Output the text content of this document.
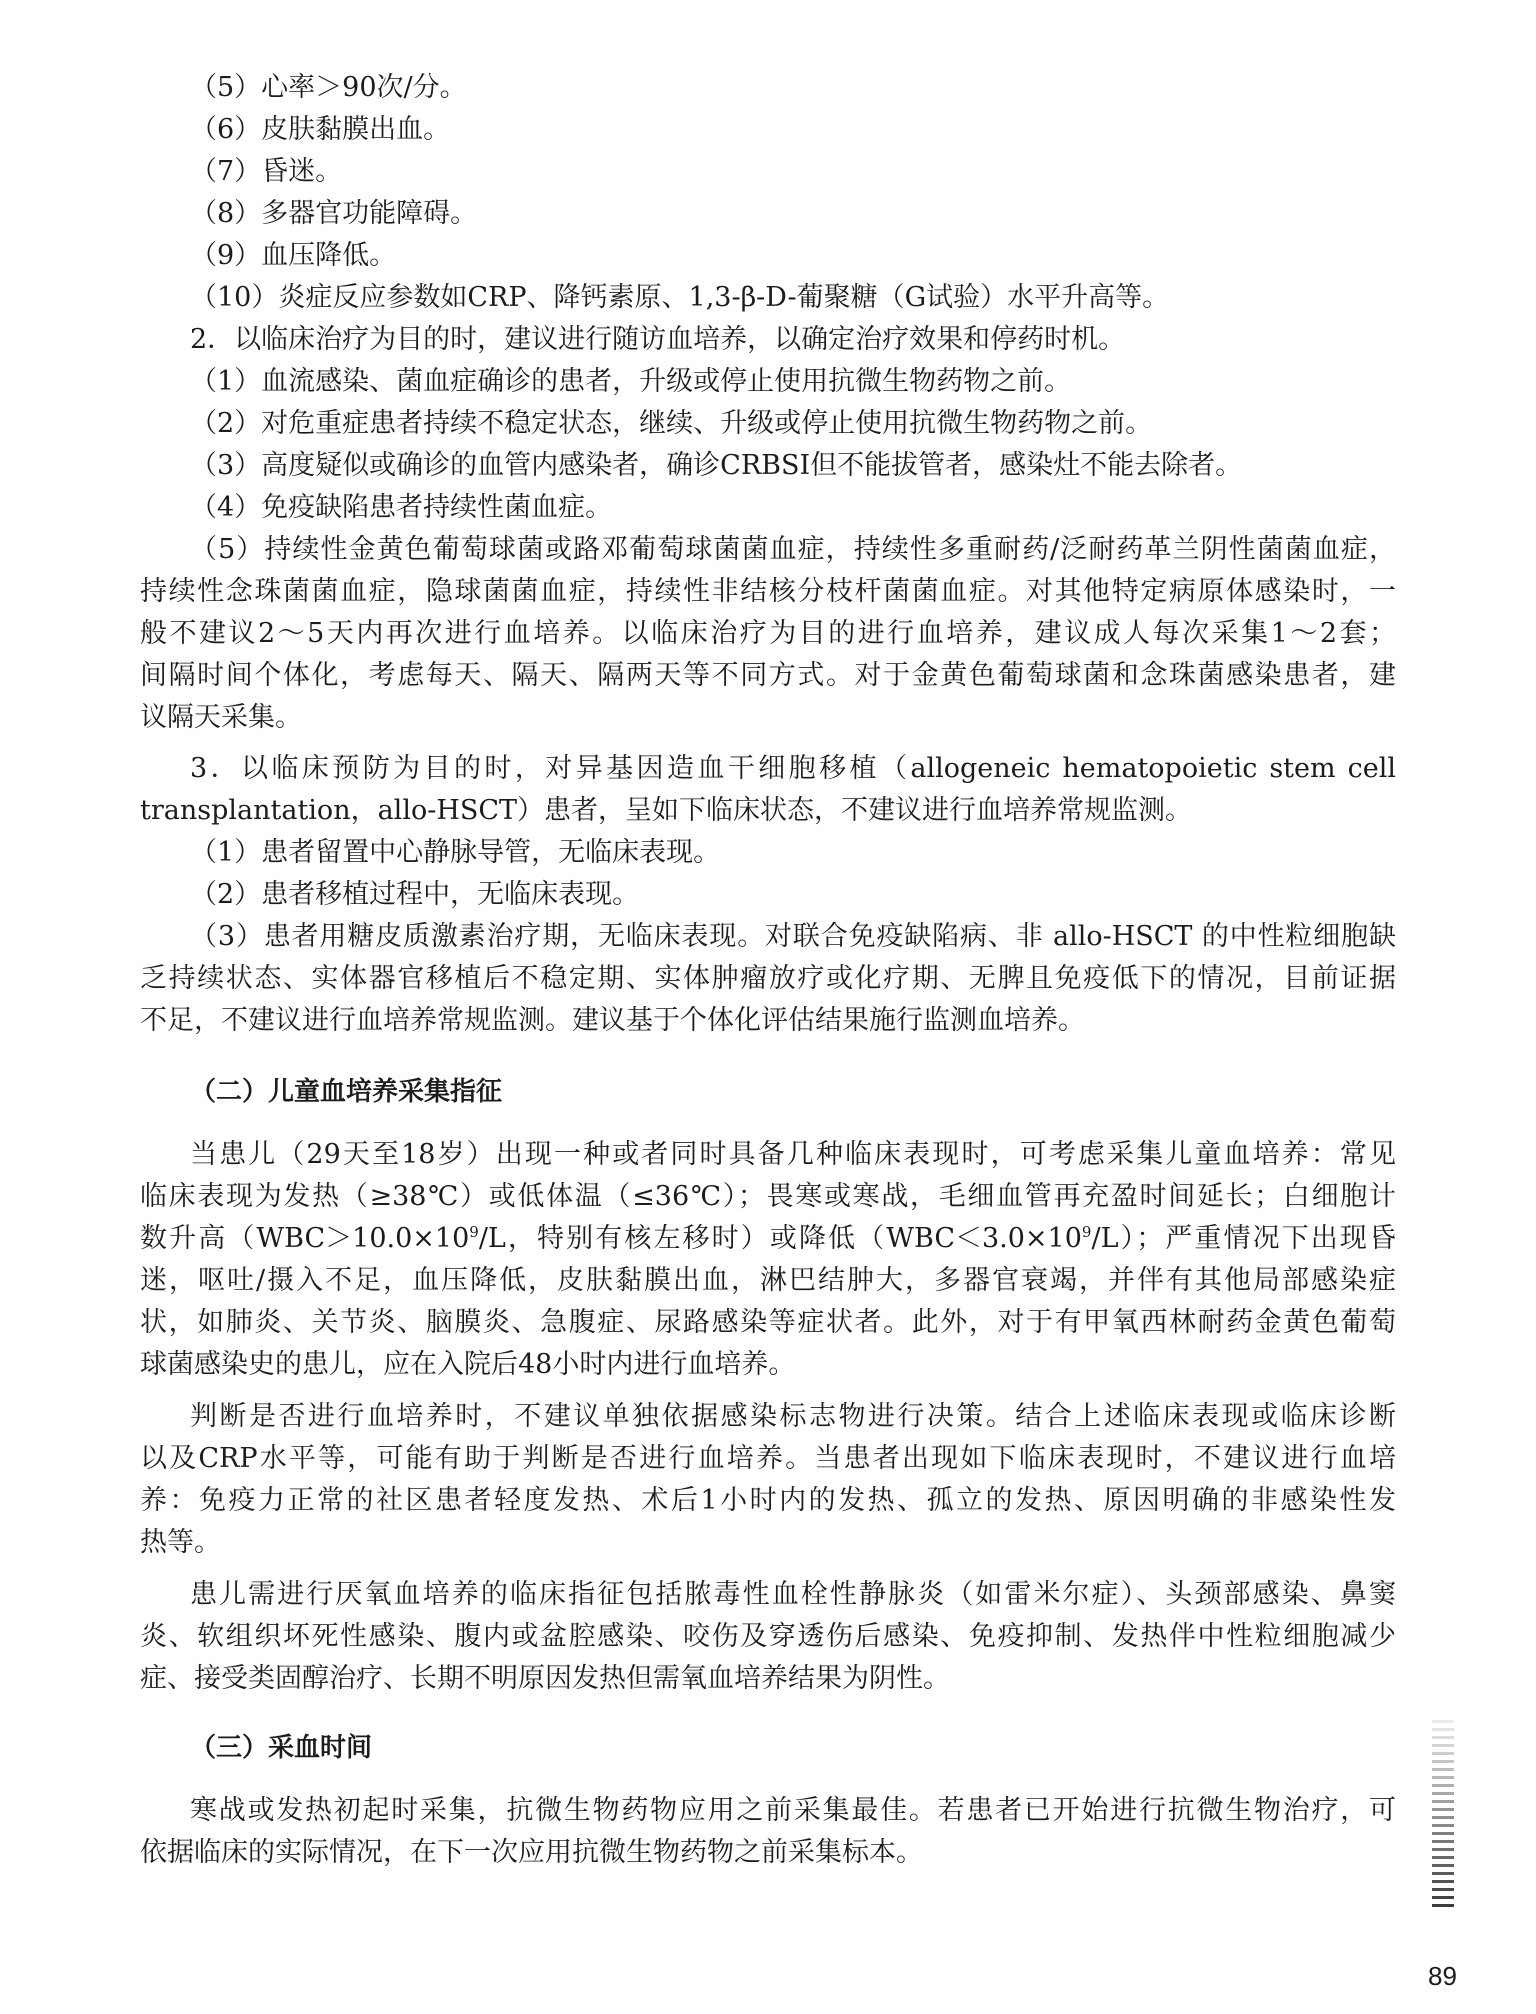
（5）心率＞90次/分。
（6）皮肤黏膜出血。
（7）昏迷。
（8）多器官功能障碍。
（9）血压降低。
（10）炎症反应参数如CRP、降钙素原、1,3-β-D-葡聚糖（G试验）水平升高等。
2．以临床治疗为目的时，建议进行随访血培养，以确定治疗效果和停药时机。
（1）血流感染、菌血症确诊的患者，升级或停止使用抗微生物药物之前。
（2）对危重症患者持续不稳定状态，继续、升级或停止使用抗微生物药物之前。
（3）高度疑似或确诊的血管内感染者，确诊CRBSI但不能拔管者，感染灶不能去除者。
（4）免疫缺陷患者持续性菌血症。
（5）持续性金黄色葡萄球菌或路邓葡萄球菌菌血症，持续性多重耐药/泛耐药革兰阴性菌菌血症，
持续性念珠菌菌血症，隐球菌菌血症，持续性非结核分枝杆菌菌血症。对其他特定病原体感染时，一
般不建议2～5天内再次进行血培养。以临床治疗为目的进行血培养，建议成人每次采集1～2套；
间隔时间个体化，考虑每天、隔天、隔两天等不同方式。对于金黄色葡萄球菌和念珠菌感染患者，建
议隔天采集。
3．以临床预防为目的时，对异基因造血干细胞移植（allogeneic hematopoietic stem cell
transplantation，allo-HSCT）患者，呈如下临床状态，不建议进行血培养常规监测。
（1）患者留置中心静脉导管，无临床表现。
（2）患者移植过程中，无临床表现。
（3）患者用糖皮质激素治疗期，无临床表现。对联合免疫缺陷病、非 allo-HSCT 的中性粒细胞缺
乏持续状态、实体器官移植后不稳定期、实体肿瘤放疗或化疗期、无脾且免疫低下的情况，目前证据
不足，不建议进行血培养常规监测。建议基于个体化评估结果施行监测血培养。
（二）儿童血培养采集指征
当患儿（29天至18岁）出现一种或者同时具备几种临床表现时，可考虑采集儿童血培养：常见
临床表现为发热（≥38℃）或低体温（≤36℃）；畏寒或寒战，毛细血管再充盈时间延长；白细胞计
数升高（$WBC>10.0\times 10^9/L$，特别有核左移时）或降低$(WBC<3.0\times 10^9/L)$；严重情况下出现昏
迷，呕吐/摄入不足，血压降低，皮肤黏膜出血，淋巴结肿大，多器官衰竭，并伴有其他局部感染症
状，如肺炎、关节炎、脑膜炎、急腹症、尿路感染等症状者。此外，对于有甲氧西林耐药金黄色葡萄
球菌感染史的患儿，应在入院后48小时内进行血培养。
判断是否进行血培养时，不建议单独依据感染标志物进行决策。结合上述临床表现或临床诊断
以及CRP水平等，可能有助于判断是否进行血培养。当患者出现如下临床表现时，不建议进行血培
养：免疫力正常的社区患者轻度发热、术后1小时内的发热、孤立的发热、原因明确的非感染性发
热等。
患儿需进行厌氧血培养的临床指征包括脓毒性血栓性静脉炎（如雷米尔症）、头颈部感染、鼻窦
炎、软组织坏死性感染、腹内或盆腔感染、咬伤及穿透伤后感染、免疫抑制、发热伴中性粒细胞减少
症、接受类固醇治疗、长期不明原因发热但需氧血培养结果为阴性。
（三）采血时间
寒战或发热初起时采集，抗微生物药物应用之前采集最佳。若患者已开始进行抗微生物治疗，可
依据临床的实际情况，在下一次应用抗微生物药物之前采集标本。
89
